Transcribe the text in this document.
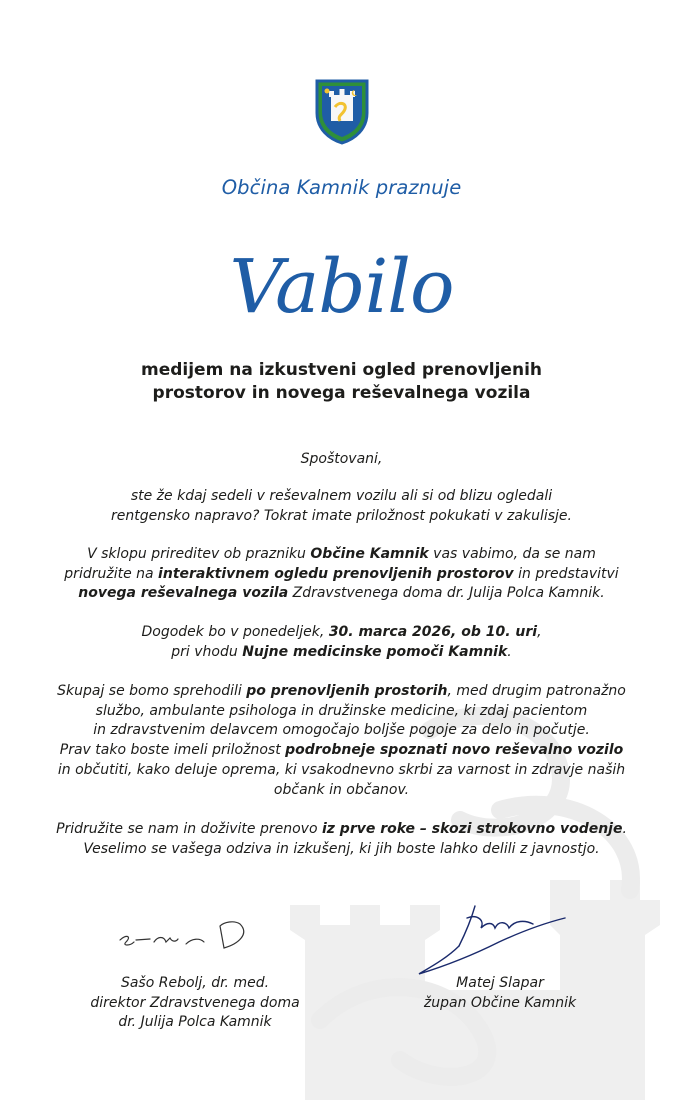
Občina Kamnik praznuje
Vabilo
medijem na izkustveni ogled prenovljenih
prostorov in novega reševalnega vozila
Spoštovani,
ste že kdaj sedeli v reševalnem vozilu ali si od blizu ogledali
rentgensko napravo? Tokrat imate priložnost pokukati v zakulisje.
V sklopu prireditev ob prazniku Občine Kamnik vas vabimo, da se nam
pridružite na interaktivnem ogledu prenovljenih prostorov in predstavitvi
novega reševalnega vozila Zdravstvenega doma dr. Julija Polca Kamnik.
Dogodek bo v ponedeljek, 30. marca 2026, ob 10. uri,
pri vhodu Nujne medicinske pomoči Kamnik.
Skupaj se bomo sprehodili po prenovljenih prostorih, med drugim patronažno
službo, ambulante psihologa in družinske medicine, ki zdaj pacientom
in zdravstvenim delavcem omogočajo boljše pogoje za delo in počutje.
Prav tako boste imeli priložnost podrobneje spoznati novo reševalno vozilo
in občutiti, kako deluje oprema, ki vsakodnevno skrbi za varnost in zdravje naših
občank in občanov.
Pridružite se nam in doživite prenovo iz prve roke – skozi strokovno vodenje.
Veselimo se vašega odziva in izkušenj, ki jih boste lahko delili z javnostjo.
Sašo Rebolj, dr. med.
direktor Zdravstvenega doma
dr. Julija Polca Kamnik
Matej Slapar
župan Občine Kamnik
